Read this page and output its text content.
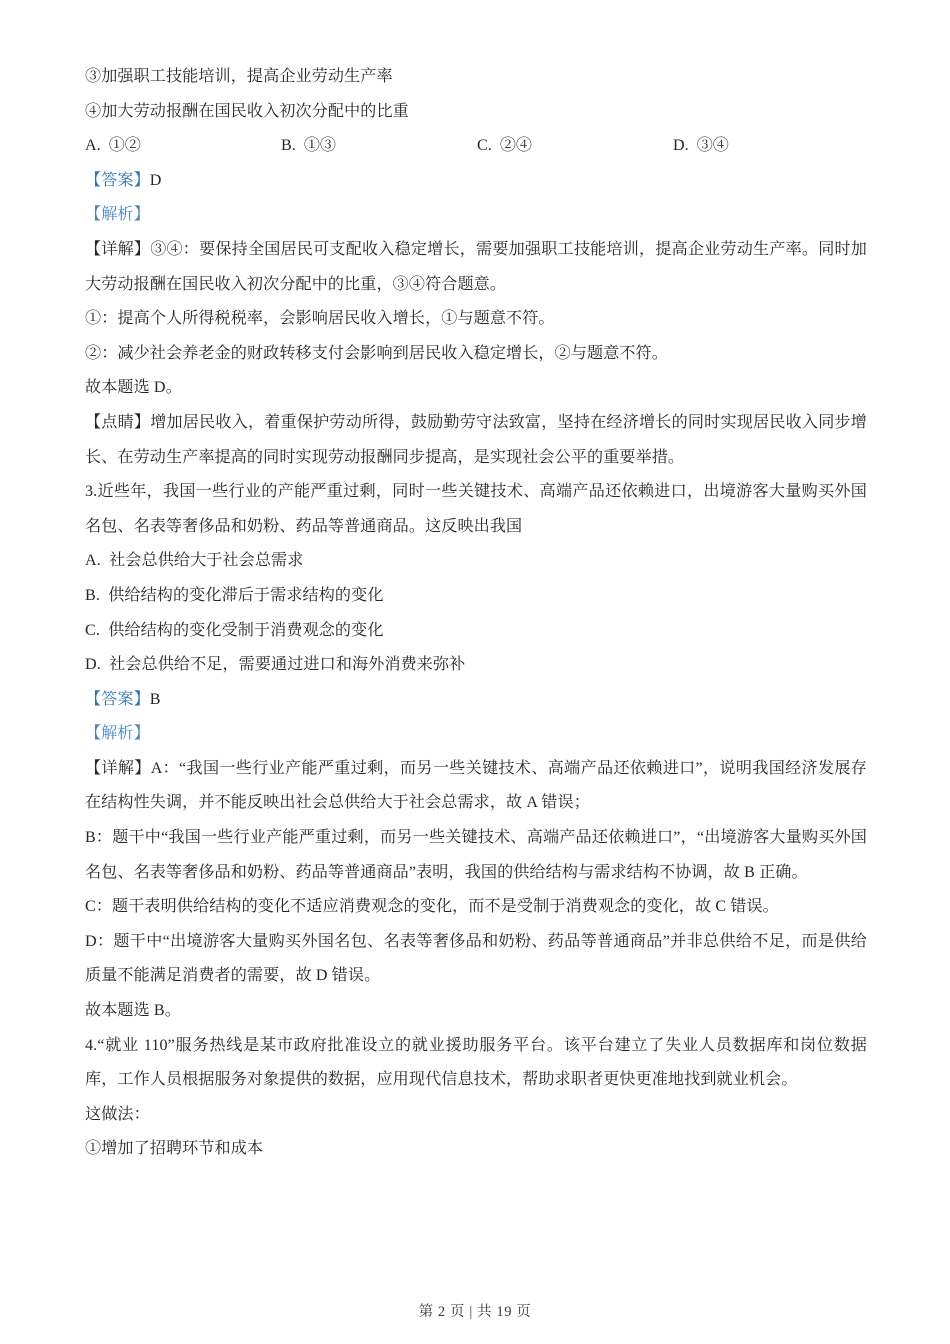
③加强职工技能培训，提高企业劳动生产率
④加大劳动报酬在国民收入初次分配中的比重
A. ①②	B. ①③	C. ②④	D. ③④
【答案】D
【解析】

【详解】③④：要保持全国居民可支配收入稳定增长，需要加强职工技能培训，提高企业劳动生产率。同时加大劳动报酬在国民收入初次分配中的比重，③④符合题意。

①：提高个人所得税税率，会影响居民收入增长，①与题意不符。
②：减少社会养老金的财政转移支付会影响到居民收入稳定增长，②与题意不符。
故本题选 D。

【点睛】增加居民收入，着重保护劳动所得，鼓励勤劳守法致富，坚持在经济增长的同时实现居民收入同步增长、在劳动生产率提高的同时实现劳动报酬同步提高，是实现社会公平的重要举措。

3.近些年，我国一些行业的产能严重过剩，同时一些关键技术、高端产品还依赖进口，出境游客大量购买外国名包、名表等奢侈品和奶粉、药品等普通商品。这反映出我国

A. 社会总供给大于社会总需求
B. 供给结构的变化滞后于需求结构的变化
C. 供给结构的变化受制于消费观念的变化
D. 社会总供给不足，需要通过进口和海外消费来弥补
【答案】B
【解析】

【详解】A：“我国一些行业产能严重过剩，而另一些关键技术、高端产品还依赖进口”，说明我国经济发展存在结构性失调，并不能反映出社会总供给大于社会总需求，故 A 错误；

B：题干中“我国一些行业产能严重过剩，而另一些关键技术、高端产品还依赖进口”，“出境游客大量购买外国名包、名表等奢侈品和奶粉、药品等普通商品”表明，我国的供给结构与需求结构不协调，故 B 正确。

C：题干表明供给结构的变化不适应消费观念的变化，而不是受制于消费观念的变化，故 C 错误。

D：题干中“出境游客大量购买外国名包、名表等奢侈品和奶粉、药品等普通商品”并非总供给不足，而是供给质量不能满足消费者的需要，故 D 错误。

故本题选 B。

4.“就业 110”服务热线是某市政府批准设立的就业援助服务平台。该平台建立了失业人员数据库和岗位数据库，工作人员根据服务对象提供的数据，应用现代信息技术，帮助求职者更快更准地找到就业机会。

这做法：
①增加了招聘环节和成本
第 2 页 | 共 19 页
